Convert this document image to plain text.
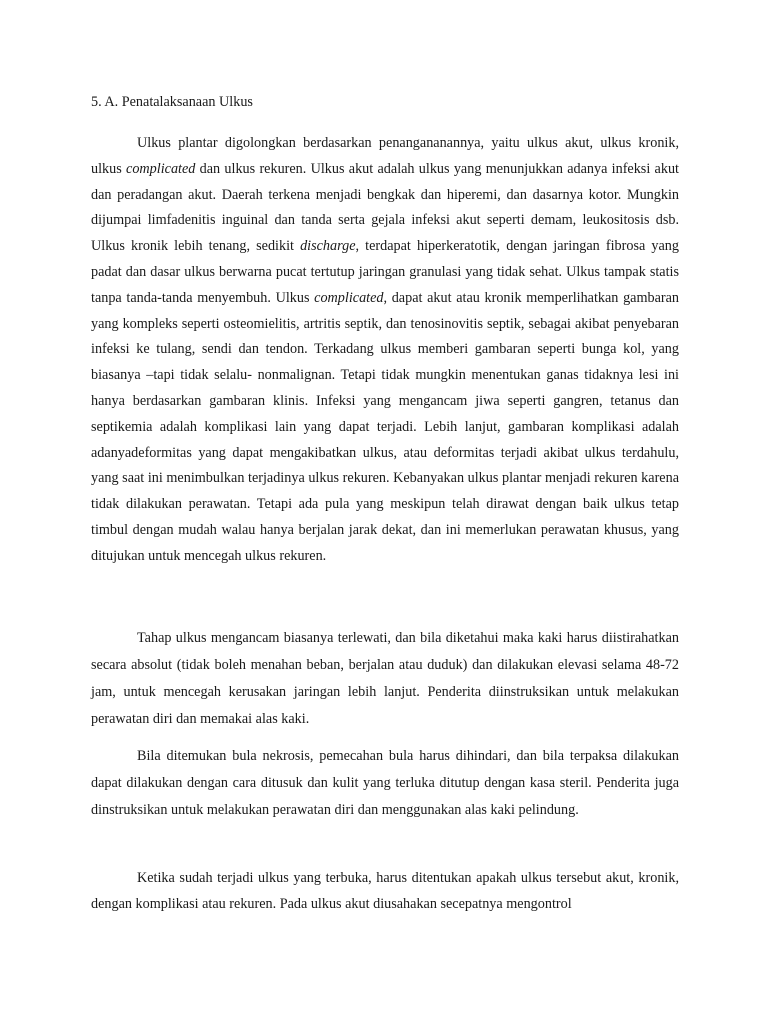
5. A. Penatalaksanaan Ulkus

Ulkus plantar digolongkan berdasarkan penangananannya, yaitu ulkus akut, ulkus kronik, ulkus complicated dan ulkus rekuren. Ulkus akut adalah ulkus yang menunjukkan adanya infeksi akut dan peradangan akut. Daerah terkena menjadi bengkak dan hiperemi, dan dasarnya kotor. Mungkin dijumpai limfadenitis inguinal dan tanda serta gejala infeksi akut seperti demam, leukositosis dsb. Ulkus kronik lebih tenang, sedikit discharge, terdapat hiperkeratotik, dengan jaringan fibrosa yang padat dan dasar ulkus berwarna pucat tertutup jaringan granulasi yang tidak sehat. Ulkus tampak statis tanpa tanda-tanda menyembuh. Ulkus complicated, dapat akut atau kronik memperlihatkan gambaran yang kompleks seperti osteomielitis, artritis septik, dan tenosinovitis septik, sebagai akibat penyebaran infeksi ke tulang, sendi dan tendon. Terkadang ulkus memberi gambaran seperti bunga kol, yang biasanya –tapi tidak selalu- nonmalignan. Tetapi tidak mungkin menentukan ganas tidaknya lesi ini hanya berdasarkan gambaran klinis. Infeksi yang mengancam jiwa seperti gangren, tetanus dan septikemia adalah komplikasi lain yang dapat terjadi. Lebih lanjut, gambaran komplikasi adalah adanyadeformitas yang dapat mengakibatkan ulkus, atau deformitas terjadi akibat ulkus terdahulu, yang saat ini menimbulkan terjadinya ulkus rekuren. Kebanyakan ulkus plantar menjadi rekuren karena tidak dilakukan perawatan. Tetapi ada pula yang meskipun telah dirawat dengan baik ulkus tetap timbul dengan mudah walau hanya berjalan jarak dekat, dan ini memerlukan perawatan khusus, yang ditujukan untuk mencegah ulkus rekuren.

Tahap ulkus mengancam biasanya terlewati, dan bila diketahui maka kaki harus diistirahatkan secara absolut (tidak boleh menahan beban, berjalan atau duduk) dan dilakukan elevasi selama 48-72 jam, untuk mencegah kerusakan jaringan lebih lanjut. Penderita diinstruksikan untuk melakukan perawatan diri dan memakai alas kaki.

Bila ditemukan bula nekrosis, pemecahan bula harus dihindari, dan bila terpaksa dilakukan dapat dilakukan dengan cara ditusuk dan kulit yang terluka ditutup dengan kasa steril. Penderita juga dinstruksikan untuk melakukan perawatan diri dan menggunakan alas kaki pelindung.

Ketika sudah terjadi ulkus yang terbuka, harus ditentukan apakah ulkus tersebut akut, kronik, dengan komplikasi atau rekuren. Pada ulkus akut diusahakan secepatnya mengontrol
